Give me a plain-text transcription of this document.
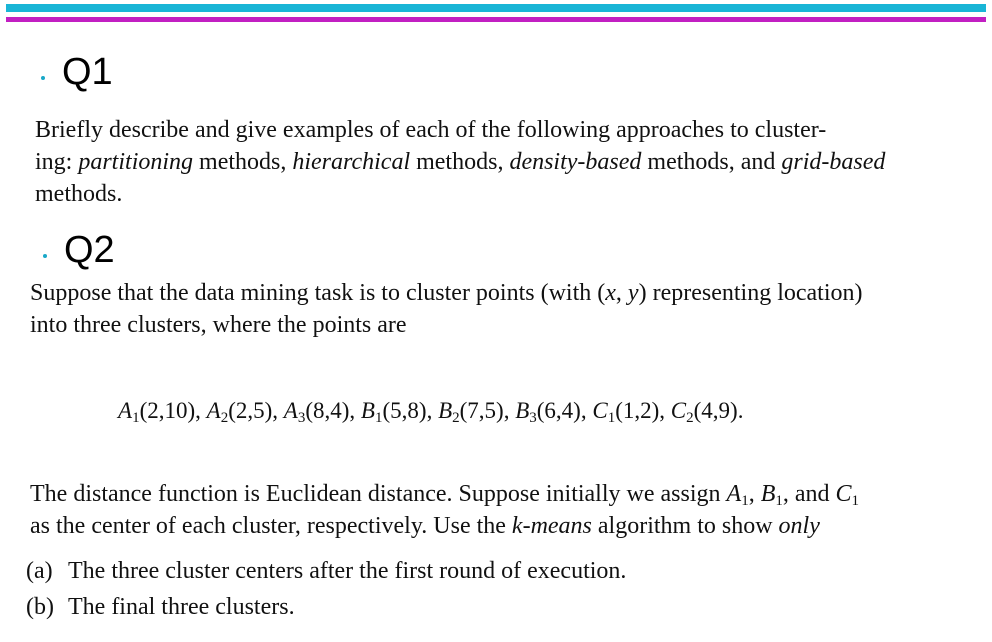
Q1
Briefly describe and give examples of each of the following approaches to cluster-
ing: partitioning methods, hierarchical methods, density-based methods, and grid-based
methods.
Q2
Suppose that the data mining task is to cluster points (with (x, y) representing location)
into three clusters, where the points are
$A_1(2,10)$, $A_2(2,5)$, $A_3(8,4)$, $B_1(5,8)$, $B_2(7,5)$, $B_3(6,4)$, $C_1(1,2)$, $C_2(4,9)$.
The distance function is Euclidean distance. Suppose initially we assign $A_1$, $B_1$, and $C_1$
as the center of each cluster, respectively. Use the k-means algorithm to show only
(a) The three cluster centers after the first round of execution.
(b) The final three clusters.
